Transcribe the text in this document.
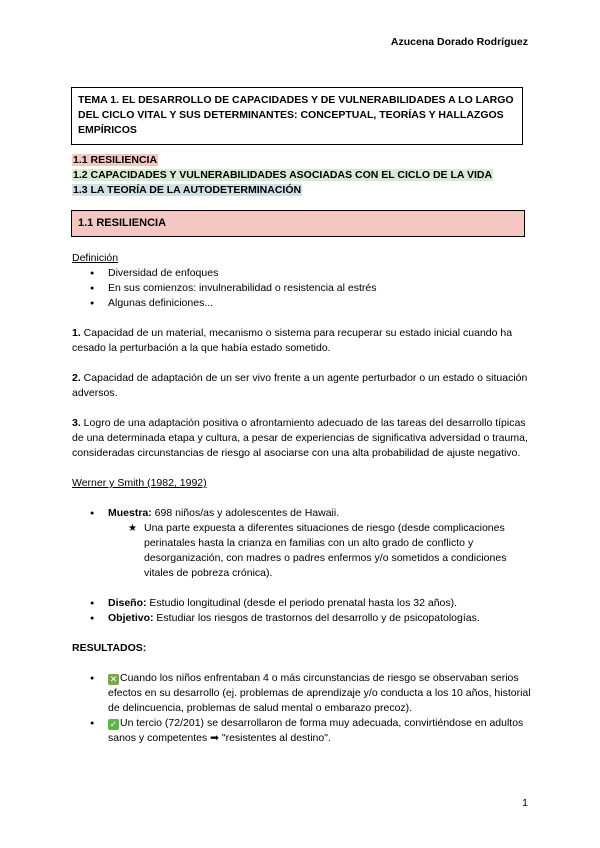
Azucena Dorado Rodríguez
TEMA 1. EL DESARROLLO DE CAPACIDADES Y DE VULNERABILIDADES A LO LARGO DEL CICLO VITAL Y SUS DETERMINANTES: CONCEPTUAL, TEORÍAS Y HALLAZGOS EMPÍRICOS
1.1 RESILIENCIA
1.2 CAPACIDADES Y VULNERABILIDADES ASOCIADAS CON EL CICLO DE LA VIDA
1.3 LA TEORÍA DE LA AUTODETERMINACIÓN
1.1 RESILIENCIA
Definición
● Diversidad de enfoques
● En sus comienzos: invulnerabilidad o resistencia al estrés
● Algunas definiciones...

1. Capacidad de un material, mecanismo o sistema para recuperar su estado inicial cuando ha cesado la perturbación a la que había estado sometido.

2. Capacidad de adaptación de un ser vivo frente a un agente perturbador o un estado o situación adversos.

3. Logro de una adaptación positiva o afrontamiento adecuado de las tareas del desarrollo típicas de una determinada etapa y cultura, a pesar de experiencias de significativa adversidad o trauma, consideradas circunstancias de riesgo al asociarse con una alta probabilidad de ajuste negativo.

Werner y Smith (1982, 1992)
● Muestra: 698 niños/as y adolescentes de Hawaii.
★ Una parte expuesta a diferentes situaciones de riesgo (desde complicaciones perinatales hasta la crianza en familias con un alto grado de conflicto y desorganización, con madres o padres enfermos y/o sometidos a condiciones vitales de pobreza crónica).
● Diseño: Estudio longitudinal (desde el periodo prenatal hasta los 32 años).
● Objetivo: Estudiar los riesgos de trastornos del desarrollo y de psicopatologías.
RESULTADOS:
● ✕ Cuando los niños enfrentaban 4 o más circunstancias de riesgo se observaban serios efectos en su desarrollo (ej. problemas de aprendizaje y/o conducta a los 10 años, historial de delincuencia, problemas de salud mental o embarazo precoz).
● ✓ Un tercio (72/201) se desarrollaron de forma muy adecuada, convirtiéndose en adultos sanos y competentes ➡ "resistentes al destino".
1
